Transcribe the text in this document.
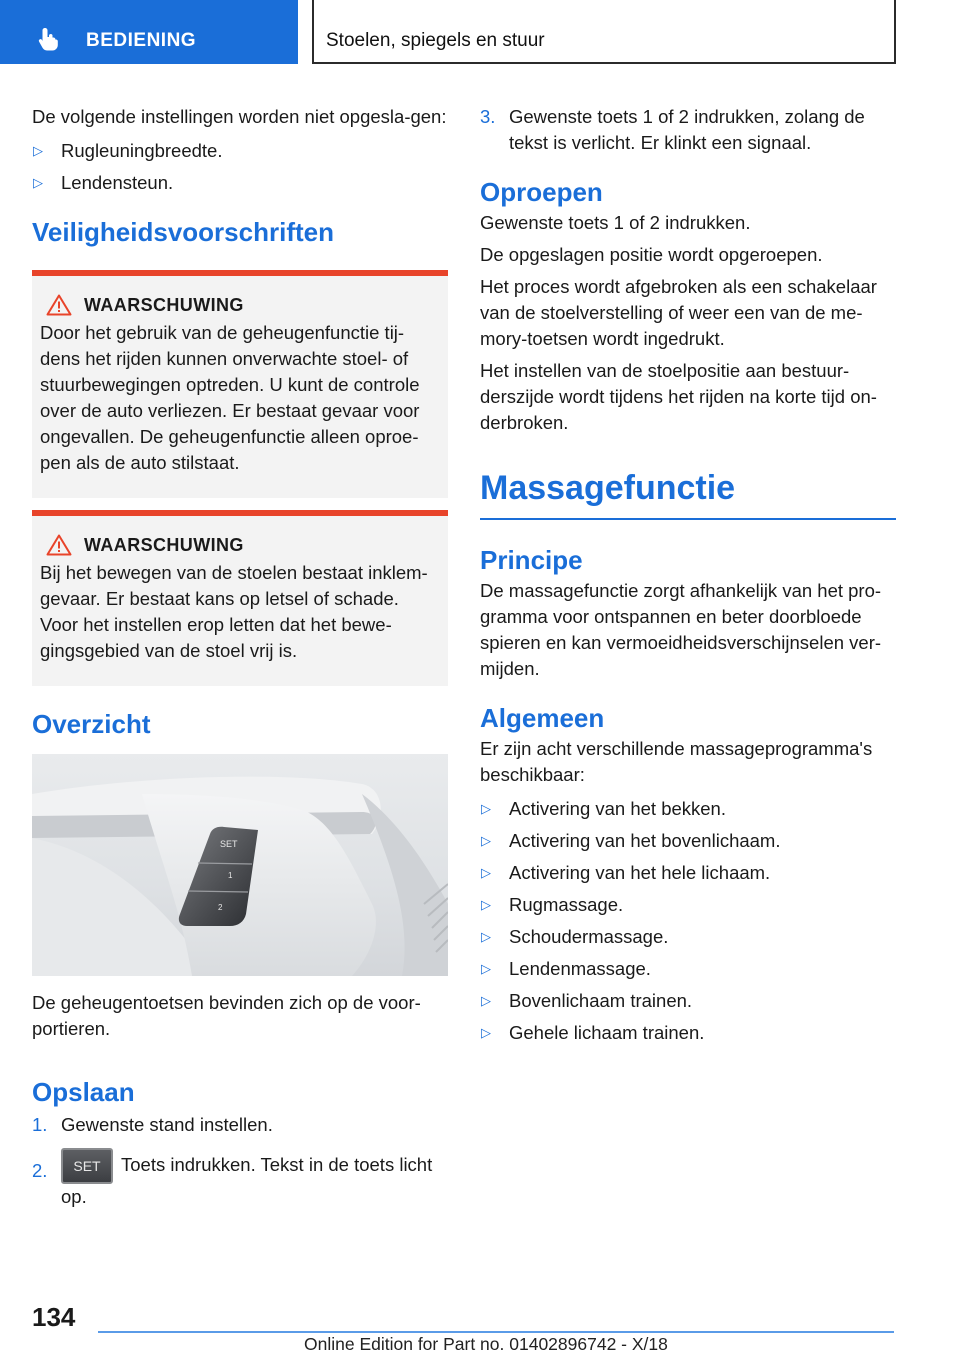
BEDIENING	Stoelen, spiegels en stuur
De volgende instellingen worden niet opgesla-gen:
▷ Rugleuningbreedte.
▷ Lendensteun.
Veiligheidsvoorschriften
WAARSCHUWING
Door het gebruik van de geheugenfunctie tij-dens het rijden kunnen onverwachte stoel- of stuurbewegingen optreden. U kunt de controle over de auto verliezen. Er bestaat gevaar voor ongevallen. De geheugenfunctie alleen oproe-pen als de auto stilstaat.
WAARSCHUWING
Bij het bewegen van de stoelen bestaat inklem-gevaar. Er bestaat kans op letsel of schade. Voor het instellen erop letten dat het bewe-gingsgebied van de stoel vrij is.
Overzicht
SET
1
2
De geheugentoetsen bevinden zich op de voor-portieren.
Opslaan
1. Gewenste stand instellen.
2.	SET Toets indrukken. Tekst in de toets licht op.
3. Gewenste toets 1 of 2 indrukken, zolang de tekst is verlicht. Er klinkt een signaal.
Oproepen
Gewenste toets 1 of 2 indrukken.
De opgeslagen positie wordt opgeroepen.
Het proces wordt afgebroken als een schakelaar van de stoelverstelling of weer een van de me-mory-toetsen wordt ingedrukt.
Het instellen van de stoelpositie aan bestuur-derszijde wordt tijdens het rijden na korte tijd on-derbroken.
Massagefunctie
Principe
De massagefunctie zorgt afhankelijk van het pro-gramma voor ontspannen en beter doorbloede spieren en kan vermoeidheidsverschijnselen ver-mijden.
Algemeen
Er zijn acht verschillende massageprogramma's beschikbaar:
▷ Activering van het bekken.
▷ Activering van het bovenlichaam.
▷ Activering van het hele lichaam.
▷ Rugmassage.
▷ Schoudermassage.
▷ Lendenmassage.
▷ Bovenlichaam trainen.
▷ Gehele lichaam trainen.
134
Online Edition for Part no. 01402896742 - X/18
